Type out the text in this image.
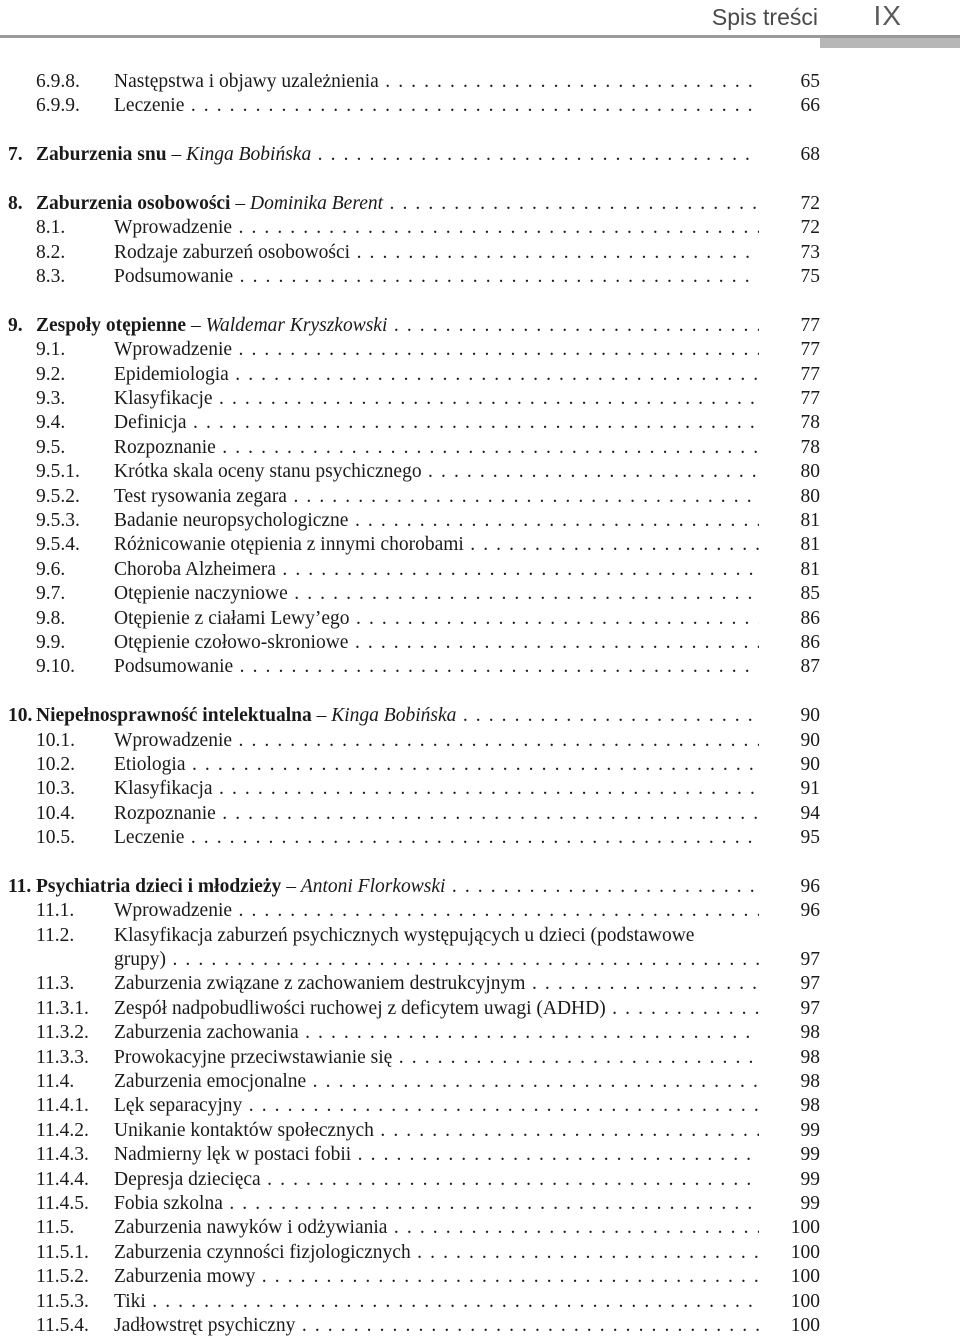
Spis treści IX
6.9.8. Następstwa i objawy uzależnienia . . .	65
6.9.9. Leczenie . . .	66
7. Zaburzenia snu – Kinga Bobińska . . .	68
8. Zaburzenia osobowości – Dominika Berent . . .	72
8.1.	Wprowadzenie . . .	72
8.2.	Rodzaje zaburzeń osobowości . . .	73
8.3.	Podsumowanie . . .	75
9. Zespoły otępienne – Waldemar Kryszkowski . . .	77
9.1.	Wprowadzenie . . .	77
9.2.	Epidemiologia . . .	77
9.3.	Klasyfikacje . . .	77
9.4.	Definicja . . .	78
9.5.	Rozpoznanie . . .	78
9.5.1. Krótka skala oceny stanu psychicznego . . .	80
9.5.2. Test rysowania zegara . . .	80
9.5.3. Badanie neuropsychologiczne . . .	81
9.5.4. Różnicowanie otępienia z innymi chorobami . . .	81
9.6.	Choroba Alzheimera . . .	81
9.7.	Otępienie naczyniowe . . .	85
9.8.	Otępienie z ciałami Lewy’ego . . .	86
9.9.	Otępienie czołowo-skroniowe . . .	86
9.10. Podsumowanie . . .	87
10. Niepełnosprawność intelektualna – Kinga Bobińska . . .	90
10.1. Wprowadzenie . . .	90
10.2. Etiologia . . .	90
10.3. Klasyfikacja . . .	91
10.4. Rozpoznanie . . .	94
10.5. Leczenie . . .	95
11. Psychiatria dzieci i młodzieży – Antoni Florkowski . . .	96
11.1. Wprowadzenie . . .	96
11.2. Klasyfikacja zaburzeń psychicznych występujących u dzieci (podstawowe
grupy) . . .	97
11.3. Zaburzenia związane z zachowaniem destrukcyjnym . . .	97
11.3.1. Zespół nadpobudliwości ruchowej z deficytem uwagi (ADHD) . . .	97
11.3.2. Zaburzenia zachowania . . .	98
11.3.3. Prowokacyjne przeciwstawianie się . . .	98
11.4. Zaburzenia emocjonalne . . .	98
11.4.1. Lęk separacyjny . . .	98
11.4.2. Unikanie kontaktów społecznych . . .	99
11.4.3. Nadmierny lęk w postaci fobii . . .	99
11.4.4. Depresja dziecięca . . .	99
11.4.5. Fobia szkolna . . .	99
11.5. Zaburzenia nawyków i odżywiania . . .	100
11.5.1. Zaburzenia czynności fizjologicznych . . .	100
11.5.2. Zaburzenia mowy . . .	100
11.5.3. Tiki . . .	100
11.5.4. Jadłowstręt psychiczny . . .	100
